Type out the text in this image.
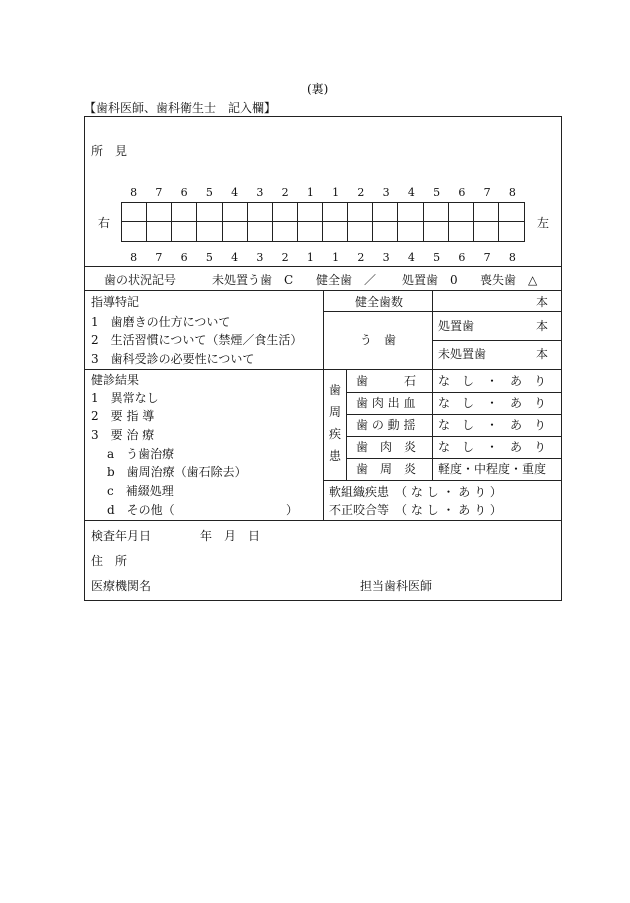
(裏)
【歯科医師、歯科衛生士　記入欄】
所　見
8	7	6	5	4	3	2	1	1	2	3	4	5	6	7	8
右	左
8	7	6	5	4	3	2	1	1	2	3	4	5	6	7	8
歯の状況記号	未処置う歯　C 健全歯　／ 処置歯　0 喪失歯　△
指導特記
1　歯磨きの仕方について
2　生活習慣について（禁煙／食生活）
3　歯科受診の必要性について
健全歯数	本
う　歯
処置歯	本
未処置歯	本
健診結果
1　異常なし
2　要 指 導
3　要 治 療
a　う歯治療
b　歯周治療（歯石除去）
c　補綴処理
d　その他（	）
歯
周
疾
患
歯　　　石 な　し　・　あ　り
歯 肉 出 血 な　し　・　あ　り
歯 の 動 揺 な　し　・　あ　り
歯　肉　炎 な　し　・　あ　り
歯　周　炎 軽度・中程度・重度
軟組織疾患　（ な し ・ あ り ）
不正咬合等　（ な し ・ あ り ）
検査年月日	年　月　日
住　所
医療機関名	担当歯科医師
